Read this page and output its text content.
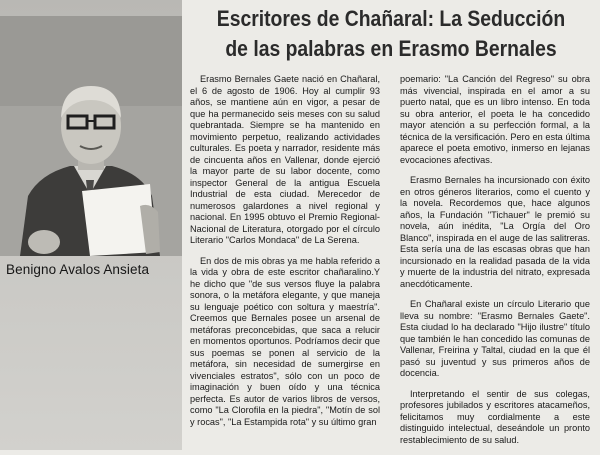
Benigno Avalos Ansieta
Escritores de Chañaral: La Seducción
de las palabras en Erasmo Bernales

Erasmo Bernales Gaete nació en Chañaral, el 6 de agosto de 1906. Hoy al cumplir 93 años, se mantiene aún en vigor, a pesar de que ha permanecido seis meses con su salud quebrantada. Siempre se ha mantenido en movimiento perpetuo, realizando actividades culturales. Es poeta y narrador, residente más de cincuenta años en Vallenar, donde ejerció la mayor parte de su labor docente, como inspector General de la antigua Escuela Industrial de esta ciudad. Merecedor de numerosos galardones a nivel regional y nacional. En 1995 obtuvo el Premio Regional-Nacional de Literatura, otorgado por el círculo Literario "Carlos Mondaca" de La Serena.

En dos de mis obras ya me habla referido a la vida y obra de este escritor chañaralino.Y he dicho que "de sus versos fluye la palabra sonora, o la metáfora elegante, y que maneja su lenguaje poético con soltura y maestría". Creemos que Bernales posee un arsenal de metáforas preconcebidas, que saca a relucir en momentos oportunos. Podríamos decir que sus poemas se ponen al servicio de la metáfora, sin necesidad de sumergirse en vivenciales estratos", sólo con un poco de imaginación y buen oído y una técnica perfecta. Es autor de varios libros de versos, como "La Clorofila en la piedra", "Motín de sol y rocas", "La Estampida rota" y su último gran

poemario: "La Canción del Regreso" su obra más vivencial, inspirada en el amor a su puerto natal, que es un libro intenso. En toda su obra anterior, el poeta le ha concedido mayor atención a su perfección formal, a la técnica de la versificación. Pero en esta última aparece el poeta emotivo, inmerso en lejanas evocaciones afectivas.

Erasmo Bernales ha incursionado con éxito en otros géneros literarios, como el cuento y la novela. Recordemos que, hace algunos años, la Fundación "Tichauer" le premió su novela, aún inédita, "La Orgía del Oro Blanco", inspirada en el auge de las salitreras. Esta sería una de las escasas obras que han incursionado en la realidad pasada de la vida y muerte de la industria del nitrato, expresada anecdóticamente.

En Chañaral existe un círculo Literario que lleva su nombre: "Erasmo Bernales Gaete". Esta ciudad lo ha declarado "Hijo ilustre" título que también le han concedido las comunas de Vallenar, Freirina y Taltal, ciudad en la que él pasó su juventud y sus primeros años de docencia.

Interpretando el sentir de sus colegas, profesores jubilados y escritores atacameños, felicitamos muy cordialmente a este distinguido intelectual, deseándole un pronto restablecimiento de su salud.
